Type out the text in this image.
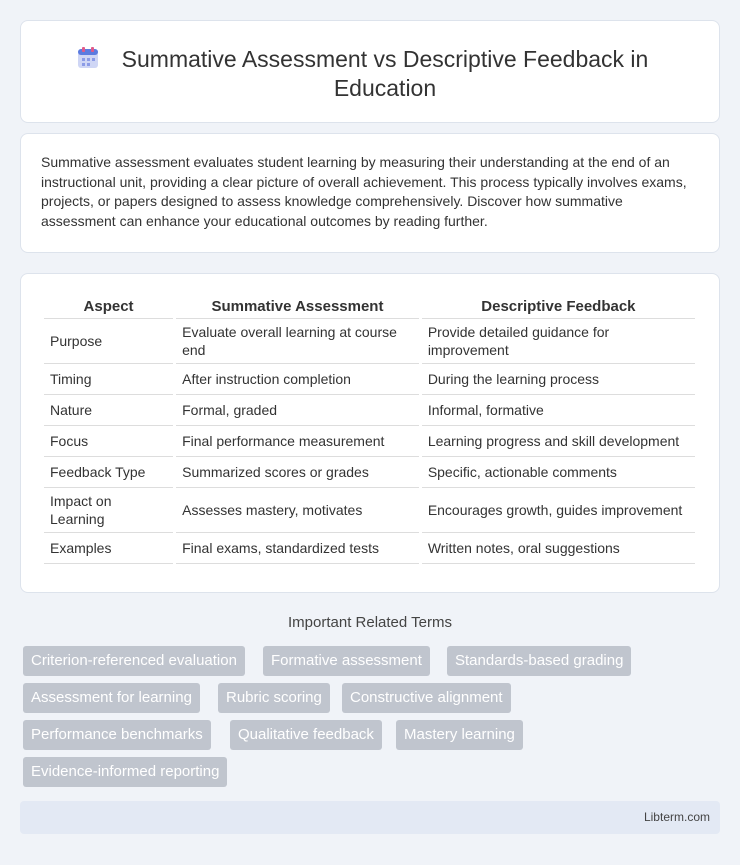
Summative Assessment vs Descriptive Feedback in Education

Summative assessment evaluates student learning by measuring their understanding at the end of an instructional unit, providing a clear picture of overall achievement. This process typically involves exams, projects, or papers designed to assess knowledge comprehensively. Discover how summative assessment can enhance your educational outcomes by reading further.

Aspect	Summative Assessment	Descriptive Feedback
Purpose	Evaluate overall learning at course end	Provide detailed guidance for improvement
Timing	After instruction completion	During the learning process
Nature	Formal, graded	Informal, formative
Focus	Final performance measurement	Learning progress and skill development
Feedback Type	Summarized scores or grades	Specific, actionable comments
Impact on Learning	Assesses mastery, motivates	Encourages growth, guides improvement
Examples	Final exams, standardized tests	Written notes, oral suggestions
Important Related Terms
Criterion-referenced evaluation	Formative assessment	Standards-based grading
Assessment for learning	Rubric scoring	Constructive alignment
Performance benchmarks	Qualitative feedback	Mastery learning
Evidence-informed reporting
Libterm.com
